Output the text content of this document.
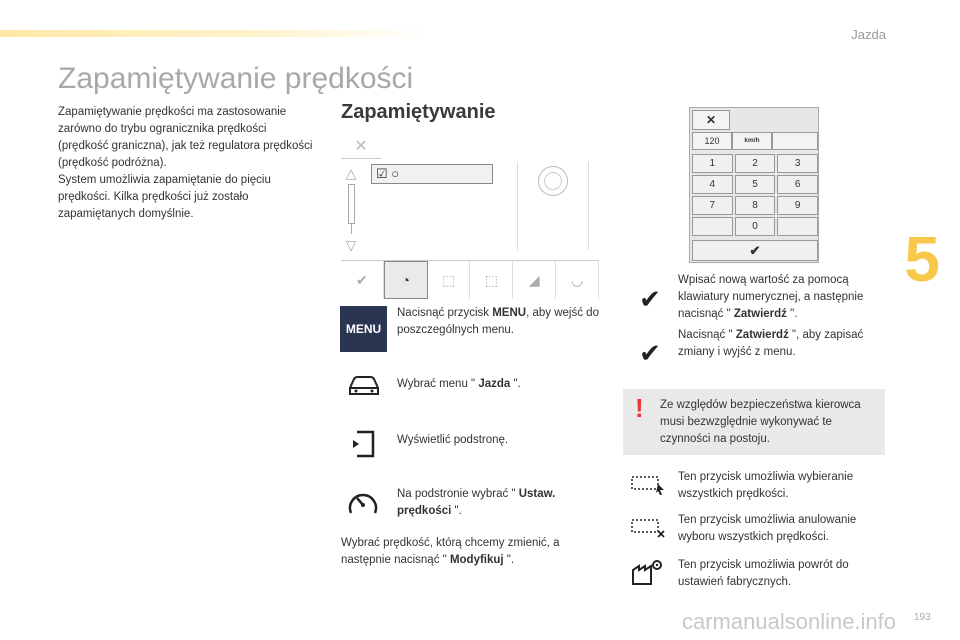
Jazda
5
Zapamiętywanie prędkości

Zapamiętywanie prędkości ma zastosowanie zarówno do trybu ogranicznika prędkości (prędkość graniczna), jak też regulatora prędkości (prędkość podróżna).

System umożliwia zapamiętanie do pięciu prędkości. Kilka prędkości już zostało zapamiętanych domyślnie.

Zapamiętywanie
✕
△
▽
☑ ○
✔	◔	⬚	⬚	◢	◡
✕
120	km/h
1	2	3
4	5	6
7	8	9
0
✔
MENU
Nacisnąć przycisk MENU, aby wejść do poszczególnych menu.
Wybrać menu " Jazda ".
Wyświetlić podstronę.
Na podstronie wybrać " Ustaw. prędkości ".
Wybrać prędkość, którą chcemy zmienić, a następnie nacisnąć " Modyfikuj ".
✔
Wpisać nową wartość za pomocą klawiatury numerycznej, a następnie nacisnąć " Zatwierdź ".
✔
Nacisnąć " Zatwierdź ", aby zapisać zmiany i wyjść z menu.
! Ze względów bezpieczeństwa kierowca musi bezwzględnie wykonywać te czynności na postoju.
Ten przycisk umożliwia wybieranie wszystkich prędkości.
Ten przycisk umożliwia anulowanie wyboru wszystkich prędkości.
Ten przycisk umożliwia powrót do ustawień fabrycznych.
carmanualsonline.info 193
